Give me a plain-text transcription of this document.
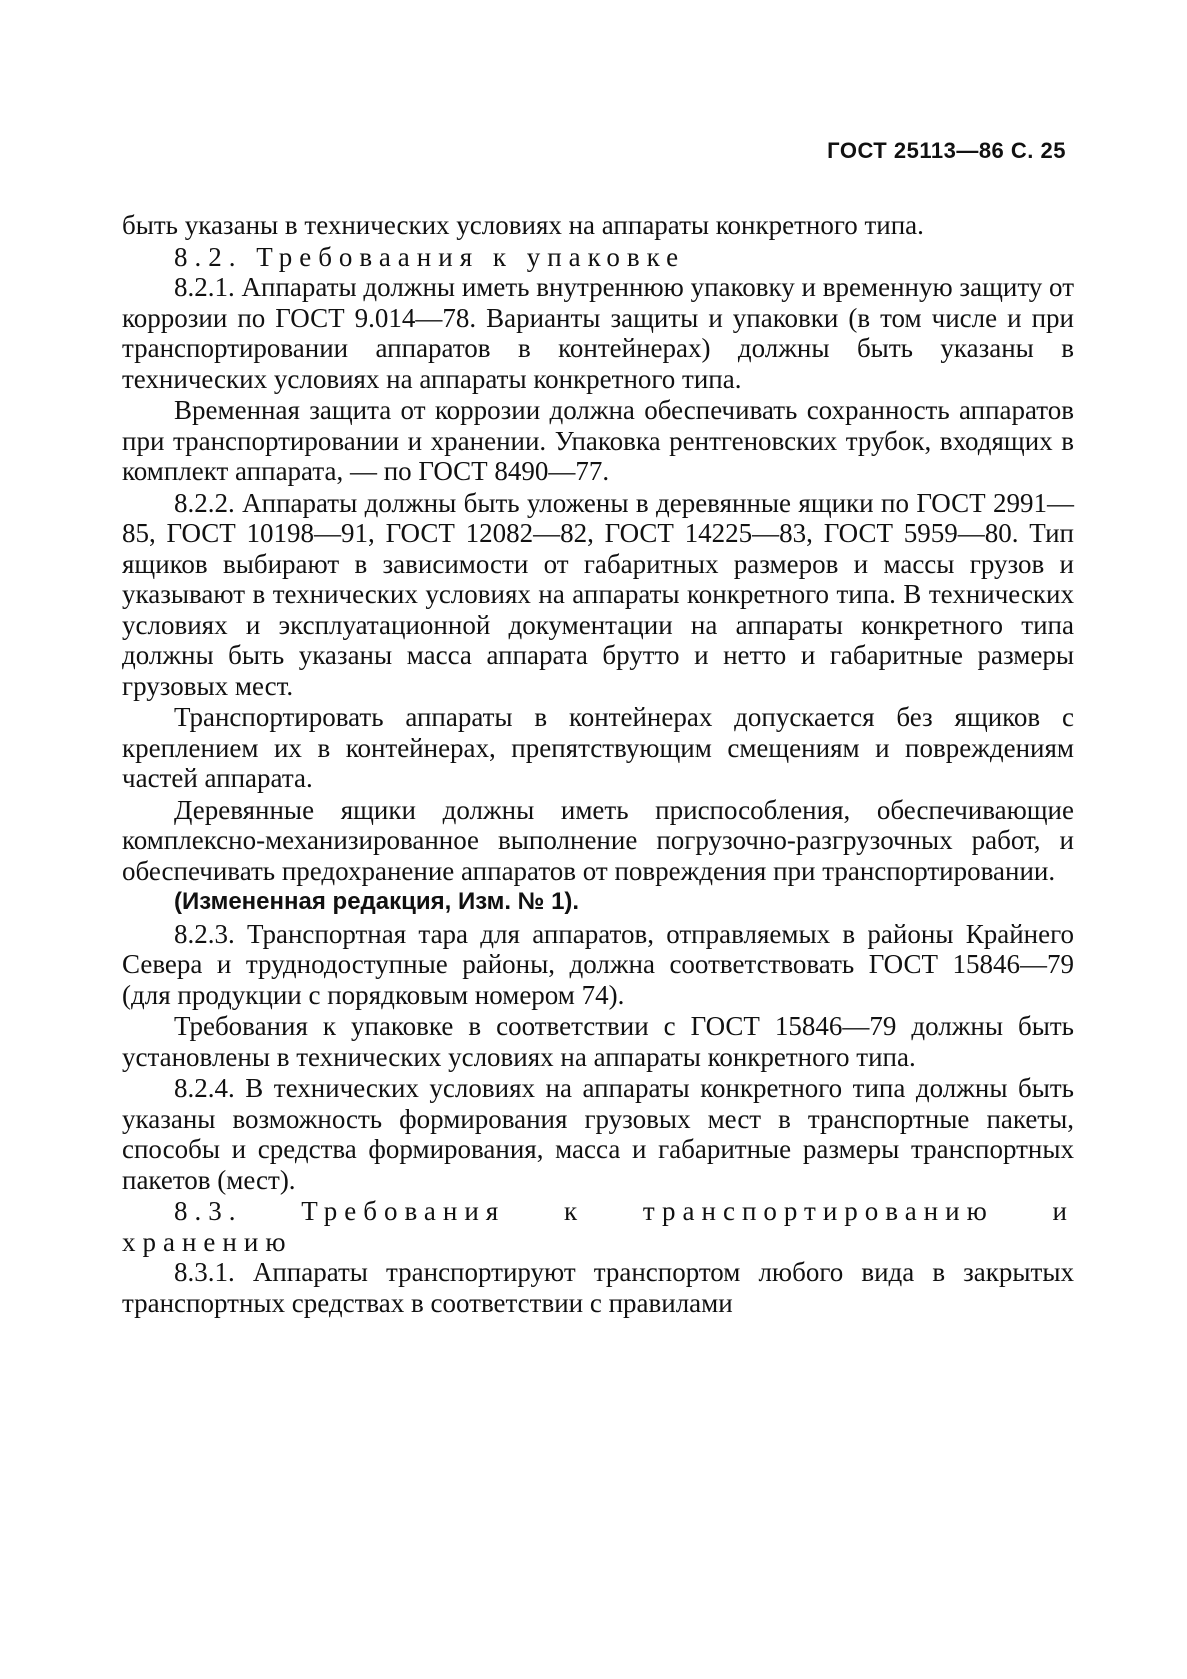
ГОСТ 25113—86 С. 25

быть указаны в технических условиях на аппараты конкретного типа.

8.2. Требоваания к упаковке

8.2.1. Аппараты должны иметь внутреннюю упаковку и временную защиту от коррозии по ГОСТ 9.014—78. Варианты защиты и упаковки (в том числе и при транспортировании аппаратов в контейнерах) должны быть указаны в технических условиях на аппараты конкретного типа.

Временная защита от коррозии должна обеспечивать сохранность аппаратов при транспортировании и хранении. Упаковка рентгеновских трубок, входящих в комплект аппарата, — по ГОСТ 8490—77.

8.2.2. Аппараты должны быть уложены в деревянные ящики по ГОСТ 2991—85, ГОСТ 10198—91, ГОСТ 12082—82, ГОСТ 14225—83, ГОСТ 5959—80. Тип ящиков выбирают в зависимости от габаритных размеров и массы грузов и указывают в технических условиях на аппараты конкретного типа. В технических условиях и эксплуатационной документации на аппараты конкретного типа должны быть указаны масса аппарата брутто и нетто и габаритные размеры грузовых мест.

Транспортировать аппараты в контейнерах допускается без ящиков с креплением их в контейнерах, препятствующим смещениям и повреждениям частей аппарата.

Деревянные ящики должны иметь приспособления, обеспечивающие комплексно-механизированное выполнение погрузочно-разгрузочных работ, и обеспечивать предохранение аппаратов от повреждения при транспортировании.

(Измененная редакция, Изм. № 1).

8.2.3. Транспортная тара для аппаратов, отправляемых в районы Крайнего Севера и труднодоступные районы, должна соответствовать ГОСТ 15846—79 (для продукции с порядковым номером 74).

Требования к упаковке в соответствии с ГОСТ 15846—79 должны быть установлены в технических условиях на аппараты конкретного типа.

8.2.4. В технических условиях на аппараты конкретного типа должны быть указаны возможность формирования грузовых мест в транспортные пакеты, способы и средства формирования, масса и габаритные размеры транспортных пакетов (мест).

8.3. Требования к транспортированию и хранению

8.3.1. Аппараты транспортируют транспортом любого вида в закрытых транспортных средствах в соответствии с правилами
